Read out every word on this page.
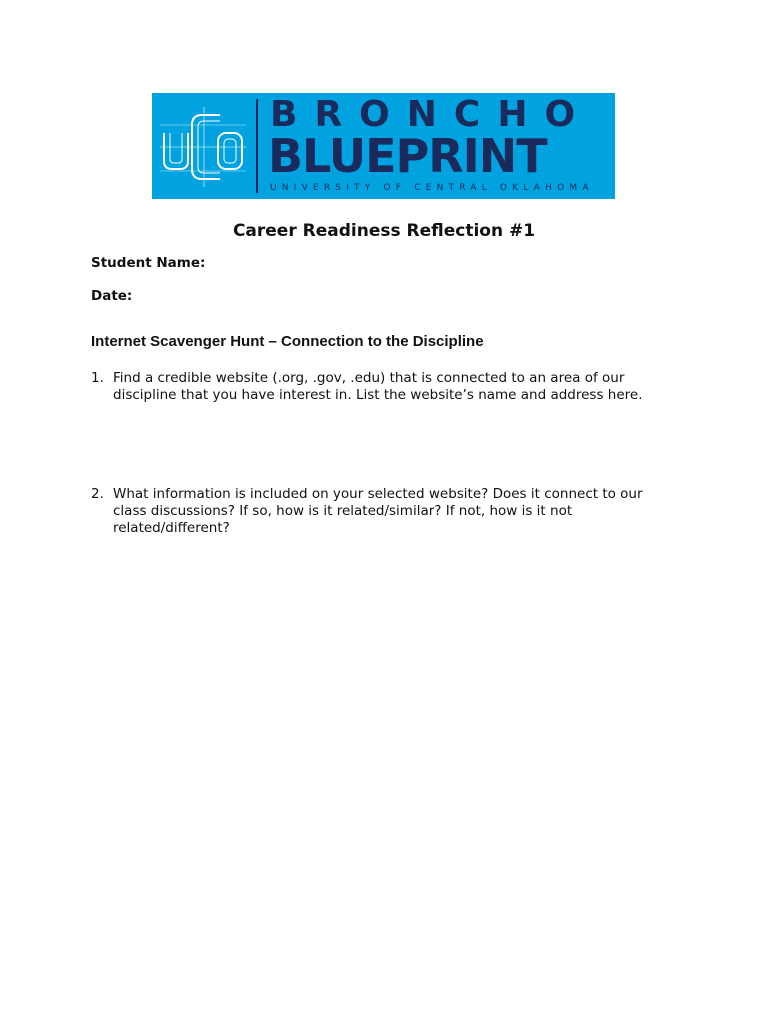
BRONCHO
BLUEPRINT
UNIVERSITY OF CENTRAL OKLAHOMA
Career Readiness Reflection #1
Student Name:
Date:
Internet Scavenger Hunt – Connection to the Discipline
1. Find a credible website (.org, .gov, .edu) that is connected to an area of our discipline that you have interest in. List the website’s name and address here.
2. What information is included on your selected website? Does it connect to our class discussions? If so, how is it related/similar? If not, how is it not related/different?
